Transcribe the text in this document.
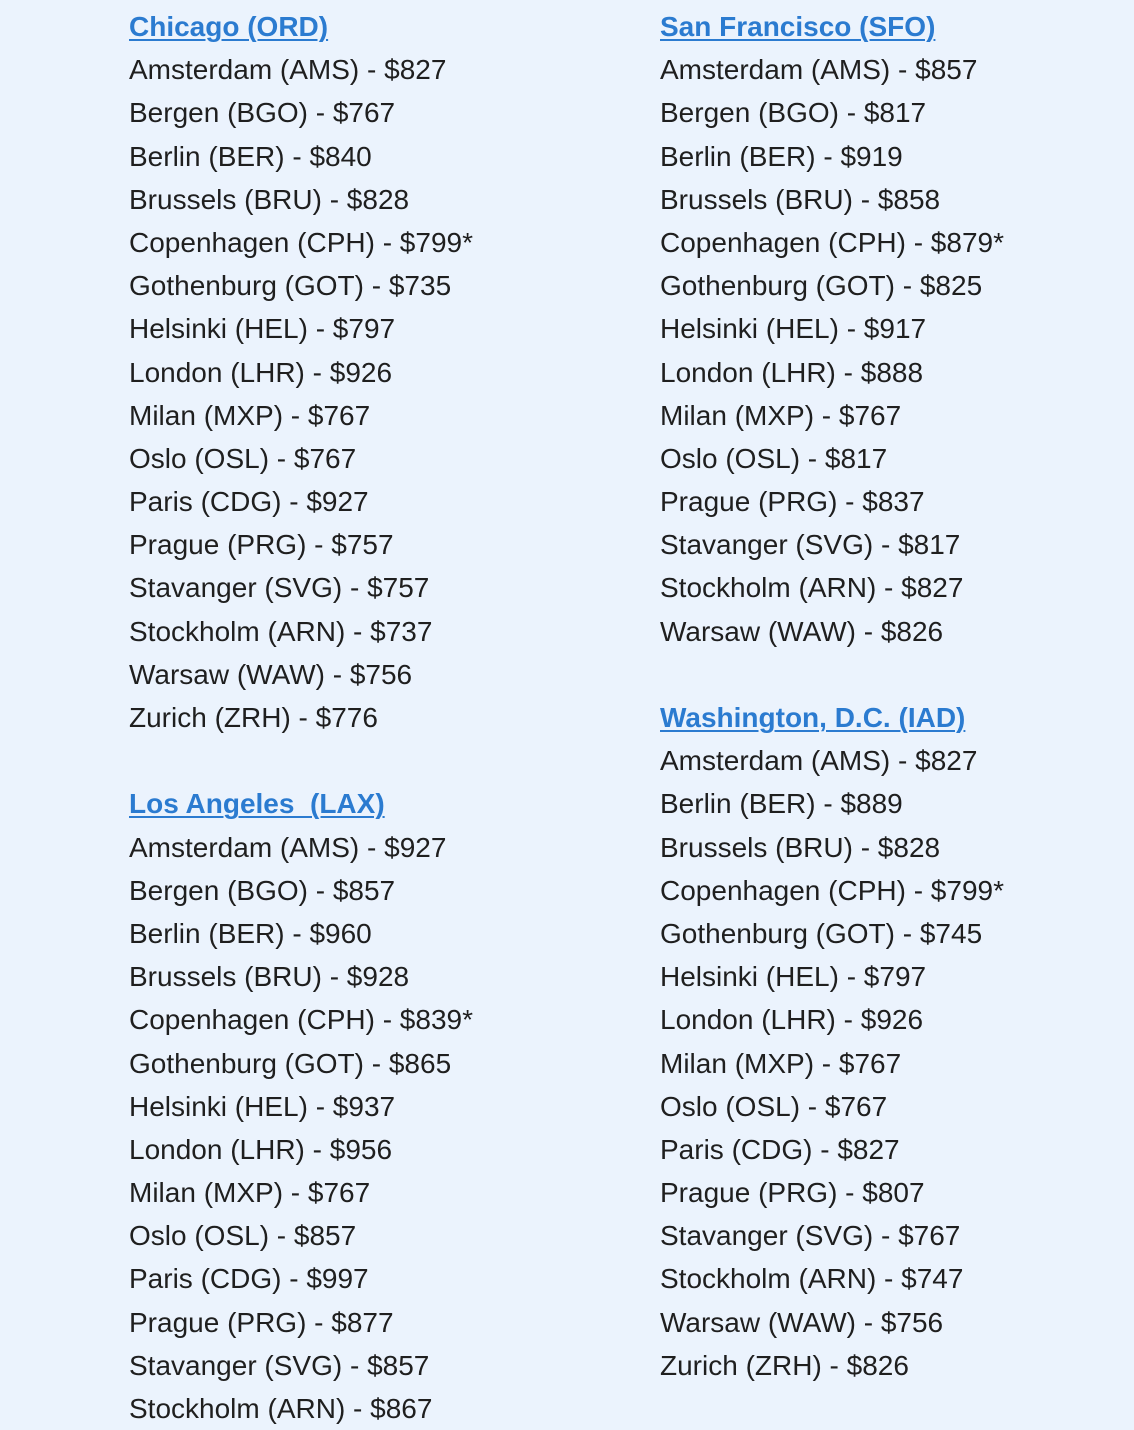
Chicago (ORD)
Amsterdam (AMS) - $827
Bergen (BGO) - $767
Berlin (BER) - $840
Brussels (BRU) - $828
Copenhagen (CPH) - $799*
Gothenburg (GOT) - $735
Helsinki (HEL) - $797
London (LHR) - $926
Milan (MXP) - $767
Oslo (OSL) - $767
Paris (CDG) - $927
Prague (PRG) - $757
Stavanger (SVG) - $757
Stockholm (ARN) - $737
Warsaw (WAW) - $756
Zurich (ZRH) - $776
Los Angeles  (LAX)
Amsterdam (AMS) - $927
Bergen (BGO) - $857
Berlin (BER) - $960
Brussels (BRU) - $928
Copenhagen (CPH) - $839*
Gothenburg (GOT) - $865
Helsinki (HEL) - $937
London (LHR) - $956
Milan (MXP) - $767
Oslo (OSL) - $857
Paris (CDG) - $997
Prague (PRG) - $877
Stavanger (SVG) - $857
Stockholm (ARN) - $867
San Francisco (SFO)
Amsterdam (AMS) - $857
Bergen (BGO) - $817
Berlin (BER) - $919
Brussels (BRU) - $858
Copenhagen (CPH) - $879*
Gothenburg (GOT) - $825
Helsinki (HEL) - $917
London (LHR) - $888
Milan (MXP) - $767
Oslo (OSL) - $817
Prague (PRG) - $837
Stavanger (SVG) - $817
Stockholm (ARN) - $827
Warsaw (WAW) - $826
Washington, D.C. (IAD)
Amsterdam (AMS) - $827
Berlin (BER) - $889
Brussels (BRU) - $828
Copenhagen (CPH) - $799*
Gothenburg (GOT) - $745
Helsinki (HEL) - $797
London (LHR) - $926
Milan (MXP) - $767
Oslo (OSL) - $767
Paris (CDG) - $827
Prague (PRG) - $807
Stavanger (SVG) - $767
Stockholm (ARN) - $747
Warsaw (WAW) - $756
Zurich (ZRH) - $826
